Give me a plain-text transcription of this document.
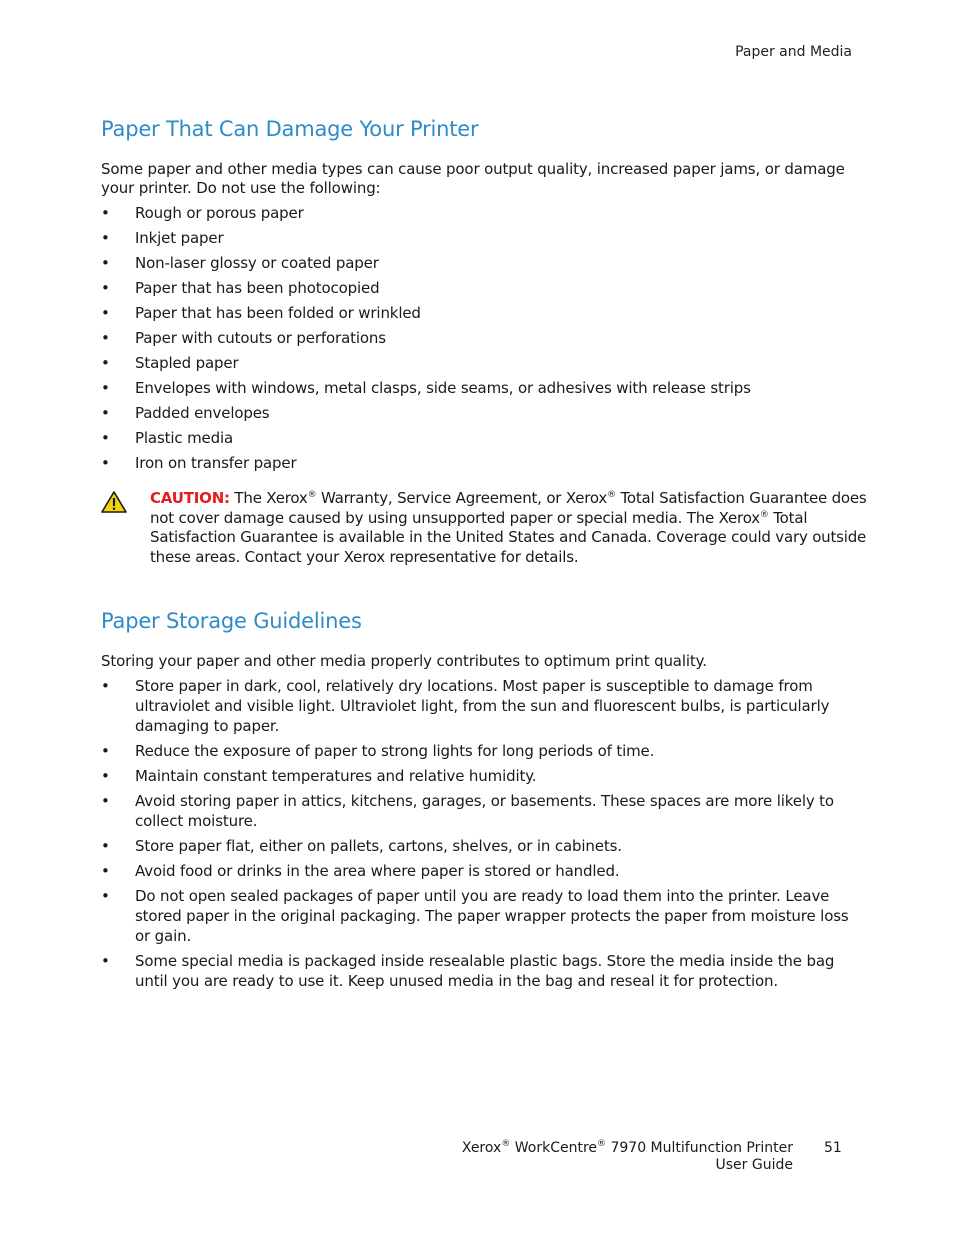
Paper and Media
Paper That Can Damage Your Printer

Some paper and other media types can cause poor output quality, increased paper jams, or damage your printer. Do not use the following:

• Rough or porous paper
• Inkjet paper
• Non-laser glossy or coated paper
• Paper that has been photocopied
• Paper that has been folded or wrinkled
• Paper with cutouts or perforations
• Stapled paper
• Envelopes with windows, metal clasps, side seams, or adhesives with release strips
• Padded envelopes
• Plastic media
• Iron on transfer paper

CAUTION: The Xerox® Warranty, Service Agreement, or Xerox® Total Satisfaction Guarantee does not cover damage caused by using unsupported paper or special media. The Xerox® Total Satisfaction Guarantee is available in the United States and Canada. Coverage could vary outside these areas. Contact your Xerox representative for details.

Paper Storage Guidelines

Storing your paper and other media properly contributes to optimum print quality.

• Store paper in dark, cool, relatively dry locations. Most paper is susceptible to damage from ultraviolet and visible light. Ultraviolet light, from the sun and fluorescent bulbs, is particularly damaging to paper.
• Reduce the exposure of paper to strong lights for long periods of time.
• Maintain constant temperatures and relative humidity.
• Avoid storing paper in attics, kitchens, garages, or basements. These spaces are more likely to collect moisture.
• Store paper flat, either on pallets, cartons, shelves, or in cabinets.
• Avoid food or drinks in the area where paper is stored or handled.
• Do not open sealed packages of paper until you are ready to load them into the printer. Leave stored paper in the original packaging. The paper wrapper protects the paper from moisture loss or gain.
• Some special media is packaged inside resealable plastic bags. Store the media inside the bag until you are ready to use it. Keep unused media in the bag and reseal it for protection.
Xerox® WorkCentre® 7970 Multifunction Printer
User Guide
51
